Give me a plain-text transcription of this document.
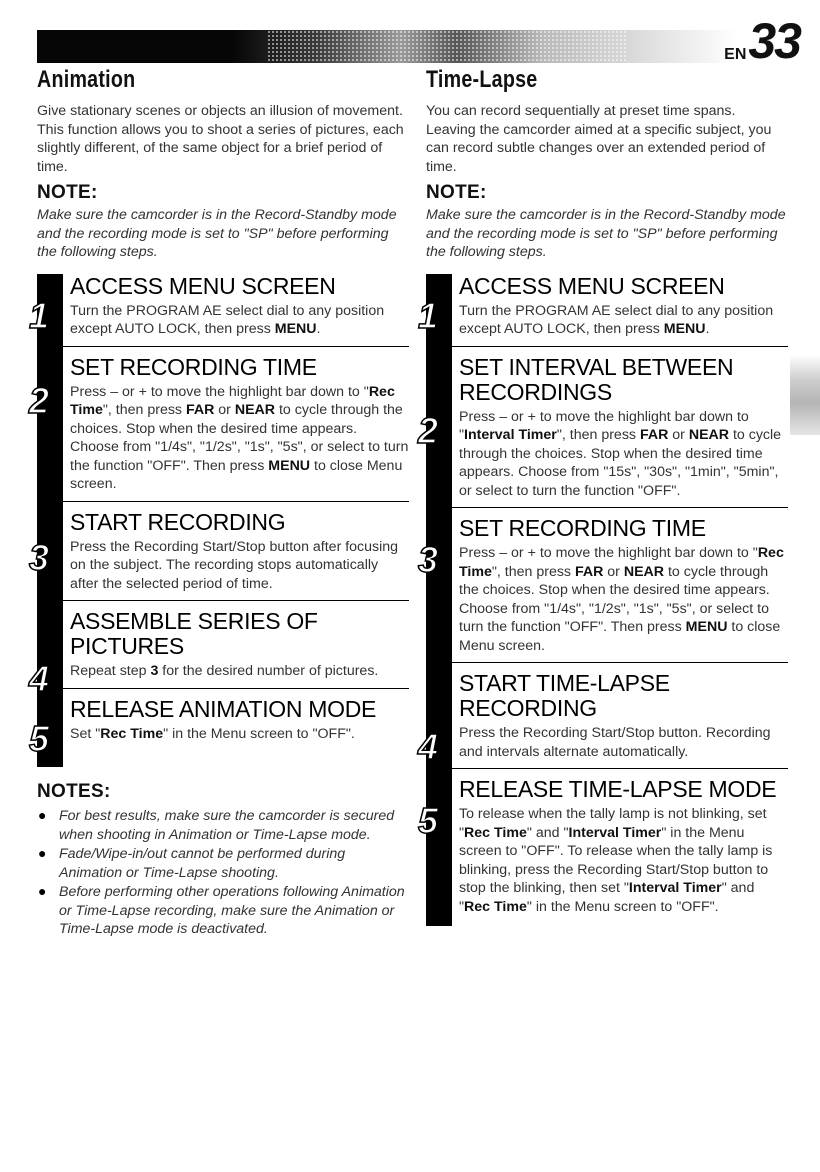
EN33
Animation

Give stationary scenes or objects an illusion of movement. This function allows you to shoot a series of pictures, each slightly different, of the same object for a brief period of time.

NOTE:

Make sure the camcorder is in the Record-Standby mode and the recording mode is set to "SP" before performing the following steps.

1
ACCESS MENU SCREEN

Turn the PROGRAM AE select dial to any position except AUTO LOCK, then press MENU.

2
SET RECORDING TIME

Press – or + to move the highlight bar down to "Rec Time", then press FAR or NEAR to cycle through the choices. Stop when the desired time appears. Choose from "1/4s", "1/2s", "1s", "5s", or select to turn the function "OFF". Then press MENU to close Menu screen.

3
START RECORDING

Press the Recording Start/Stop button after focusing on the subject. The recording stops automatically after the selected period of time.

4
ASSEMBLE SERIES OF PICTURES

Repeat step 3 for the desired number of pictures.

5
RELEASE ANIMATION MODE

Set "Rec Time" in the Menu screen to "OFF".

NOTES:
● For best results, make sure the camcorder is secured when shooting in Animation or Time-Lapse mode.
● Fade/Wipe-in/out cannot be performed during Animation or Time-Lapse shooting.
● Before performing other operations following Animation or Time-Lapse recording, make sure the Animation or Time-Lapse mode is deactivated.
Time-Lapse

You can record sequentially at preset time spans. Leaving the camcorder aimed at a specific subject, you can record subtle changes over an extended period of time.

NOTE:

Make sure the camcorder is in the Record-Standby mode and the recording mode is set to "SP" before performing the following steps.

1
ACCESS MENU SCREEN

Turn the PROGRAM AE select dial to any position except AUTO LOCK, then press MENU.

2
SET INTERVAL BETWEEN RECORDINGS

Press – or + to move the highlight bar down to "Interval Timer", then press FAR or NEAR to cycle through the choices. Stop when the desired time appears. Choose from "15s", "30s", "1min", "5min", or select to turn the function "OFF".

3
SET RECORDING TIME

Press – or + to move the highlight bar down to "Rec Time", then press FAR or NEAR to cycle through the choices. Stop when the desired time appears. Choose from "1/4s", "1/2s", "1s", "5s", or select to turn the function "OFF". Then press MENU to close Menu screen.

4
START TIME-LAPSE RECORDING

Press the Recording Start/Stop button. Recording and intervals alternate automatically.

5
RELEASE TIME-LAPSE MODE

To release when the tally lamp is not blinking, set "Rec Time" and "Interval Timer" in the Menu screen to "OFF". To release when the tally lamp is blinking, press the Recording Start/Stop button to stop the blinking, then set "Interval Timer" and "Rec Time" in the Menu screen to "OFF".
